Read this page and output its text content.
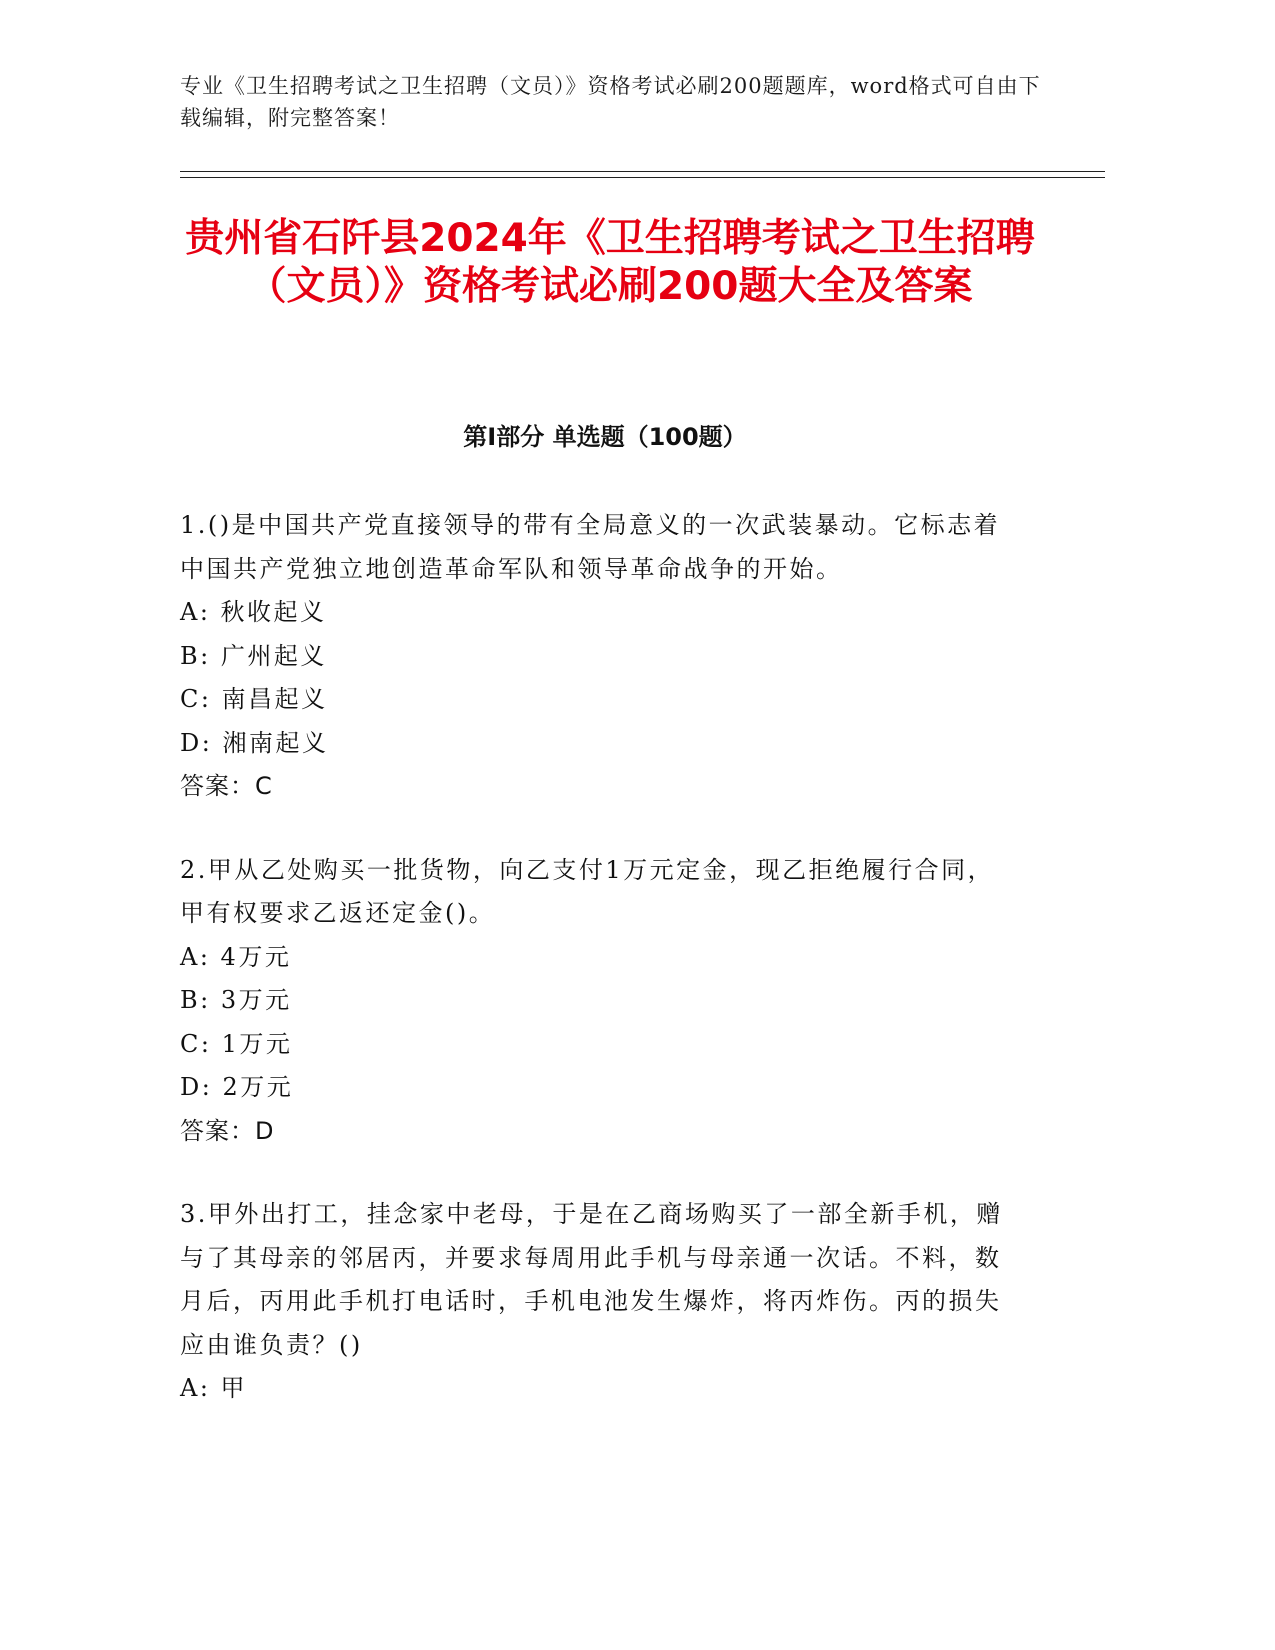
专业《卫生招聘考试之卫生招聘（文员）》资格考试必刷200题题库，word格式可自由下载编辑，附完整答案！
贵州省石阡县2024年《卫生招聘考试之卫生招聘（文员）》资格考试必刷200题大全及答案
第Ⅰ部分 单选题（100题）

1.()是中国共产党直接领导的带有全局意义的一次武装暴动。它标志着中国共产党独立地创造革命军队和领导革命战争的开始。

A: 秋收起义

B: 广州起义

C: 南昌起义

D: 湘南起义

答案：C

2.甲从乙处购买一批货物，向乙支付1万元定金，现乙拒绝履行合同，甲有权要求乙返还定金()。

A: 4万元

B: 3万元

C: 1万元

D: 2万元

答案：D

3.甲外出打工，挂念家中老母，于是在乙商场购买了一部全新手机，赠与了其母亲的邻居丙，并要求每周用此手机与母亲通一次话。不料，数月后，丙用此手机打电话时，手机电池发生爆炸，将丙炸伤。丙的损失应由谁负责？()

A: 甲
